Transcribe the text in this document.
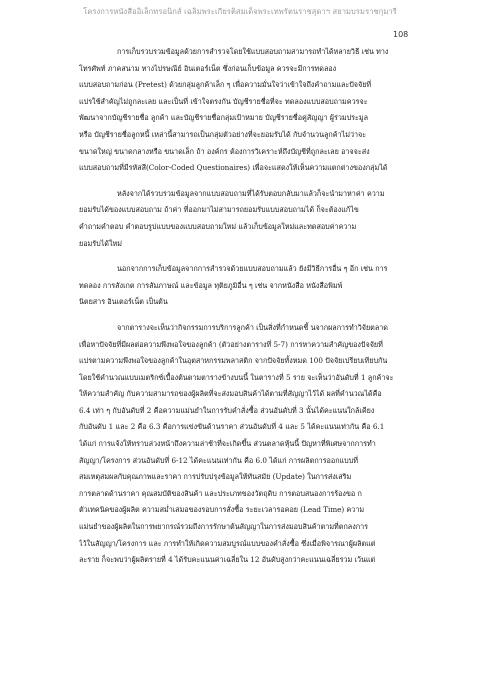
โครงการหนังสืออิเล็กทรอนิกส์ เฉลิมพระเกียรติสมเด็จพระเทพรัตนราชสุดาฯ สยามบรมราชกุมารี
108
การเก็บรวบรวมข้อมูลด้วยการสำรวจโดยใช้แบบสอบถามสามารถทำได้หลายวิธี เช่น ทาง
โทรศัพท์ ภาคสนาม ทางไปรษณีย์ อินเตอร์เน็ต ซึ่งก่อนเก็บข้อมูล ควรจะมีการทดลอง
แบบสอบถามก่อน (Pretest) ด้วยกลุ่มลูกค้าเล็ก ๆ เพื่อความมั่นใจว่าเข้าใจถึงคำถามและปัจจัยที่
แปรใช้สำคัญไม่ถูกละเลย และเป็นที่ เข้าใจตรงกัน บัญชีรายชื่อที่จะ ทดลองแบบสอบถามควรจะ
พัฒนาจากบัญชีรายชื่อ ลูกค้า และบัญชีรายชื่อกลุ่มเป้าหมาย บัญชีรายชื่อคู่สัญญา ผู้ร่วมประมูล
หรือ บัญชีรายชื่อลูกหนี้ เหล่านี้สามารถเป็นกลุ่มตัวอย่างที่จะยอมรับได้ กับจำนวนลูกค้าไม่ว่าจะ
ขนาดใหญ่ ขนาดกลางหรือ ขนาดเล็ก ถ้า องค์กร ต้องการวิเคราะห์ถึงบัญชีที่ถูกละเลย อาจจะส่ง
แบบสอบถามที่มีรหัสสี(Color-Coded Questionaires) เพื่อจะแสดงให้เห็นความแตกต่างของกลุ่มได้
หลังจากได้รวบรวมข้อมูลจากแบบสอบถามที่ได้รับตอบกลับมาแล้วก็จะนำมาหาค่า ความ
ยอมรับได้ของแบบสอบถาม ถ้าค่า ที่ออกมาไม่สามารถยอมรับแบบสอบถามได้ ก็จะต้องแก้ไข
คำถามคำตอบ คำตอบรูปแบบของแบบสอบถามใหม่ แล้วเก็บข้อมูลใหม่และทดสอบค่าความ
ยอมรับได้ใหม่
นอกจากการเก็บข้อมูลจากการสำรวจด้วยแบบสอบถามแล้ว ยังมีวิธีการอื่น ๆ อีก เช่น การ
ทดลอง การสังเกต การสัมภาษณ์ และข้อมูล ทุติยภูมิอื่น ๆ เช่น จากหนังสือ หนังสือพิมพ์
นิตยสาร อินเตอร์เน็ต เป็นต้น
จากตารางจะเห็นว่ากิจกรรมการบริการลูกค้า เป็นสิ่งที่กำหนดชี้ นจากผลการทำวิจัยตลาด
เพื่อหาปัจจัยที่มีผลต่อความพึงพอใจของลูกค้า (ตัวอย่างตารางที่ 5-7) การหาความสำคัญของปัจจัยที่
แปรตามความพึงพอใจของลูกค้าในอุตสาหกรรมพลาสติก จากปัจจัยทั้งหมด 100 ปัจจัยเปรียบเทียบกัน
โดยใช้คำนวณแบบเมตริกซ์เบื้องต้นตามตารางข้างบนนี้ ในตารางที่ 5 ราย จะเห็นว่าอันดับที่ 1 ลูกค้าจะ
ให้ความสำคัญ กับความสามารถของผู้ผลิตที่จะส่งมอบสินค้าได้ตามที่สัญญาไว้ได้ ผลที่คำนวณได้คือ
6.4 เท่า ๆ กับอันดับที่ 2 คือความแม่นยำในการรับคำสั่งซื้อ ส่วนอันดับที่ 3 นั้นได้คะแนนใกล้เคียง
กับอันดับ 1 และ 2 คือ 6.3 คือการแข่งขันด้านราคา ส่วนอันดับที่ 4 และ 5 ได้คะแนนเท่ากัน คือ 6.1
ได้แก่ การแจ้งให้ทราบล่วงหน้าถึงความล่าช้าที่จะเกิดขึ้น ส่วนตลาดหุ้นนี้ ปัญหาที่พิเศษจากการทำ
สัญญา/โครงการ ส่วนอันดับที่ 6-12 ได้คะแนนเท่ากัน คือ 6.0 ได้แก่ การผลิตการออกแบบที่
สมเหตุสมผลกับคุณภาพและราคา การปรับปรุงข้อมูลให้ทันสมัย (Update) ในการส่งเสริม
การตลาดด้านราคา คุณสมบัติของสินค้า และประเภทของวัตถุดิบ การตอบสนองการร้องขอ ก
ตัวเทคนิคของผู้ผลิต ความสม่ำเสมอของรอบการสั่งซื้อ ระยะเวลารอคอย (Lead Time) ความ
แม่นยำของผู้ผลิตในการพยากรณ์รวมถึงการรักษาต้นสัญญาในการส่งมอบสินค้าตามที่ตกลงการ
ไว้ในสัญญา/โครงการ และ การทำให้เกิดความสมบูรณ์แบบของคำสั่งซื้อ ซึ่งเมื่อพิจารณาผู้ผลิตแต่
ละราย ก็จะพบว่าผู้ผลิตรายที่ 4 ได้รับคะแนนค่าเฉลี่ยใน 12 อันดับสูงกว่าคะแนนเฉลี่ยรวม เว้นแต่
